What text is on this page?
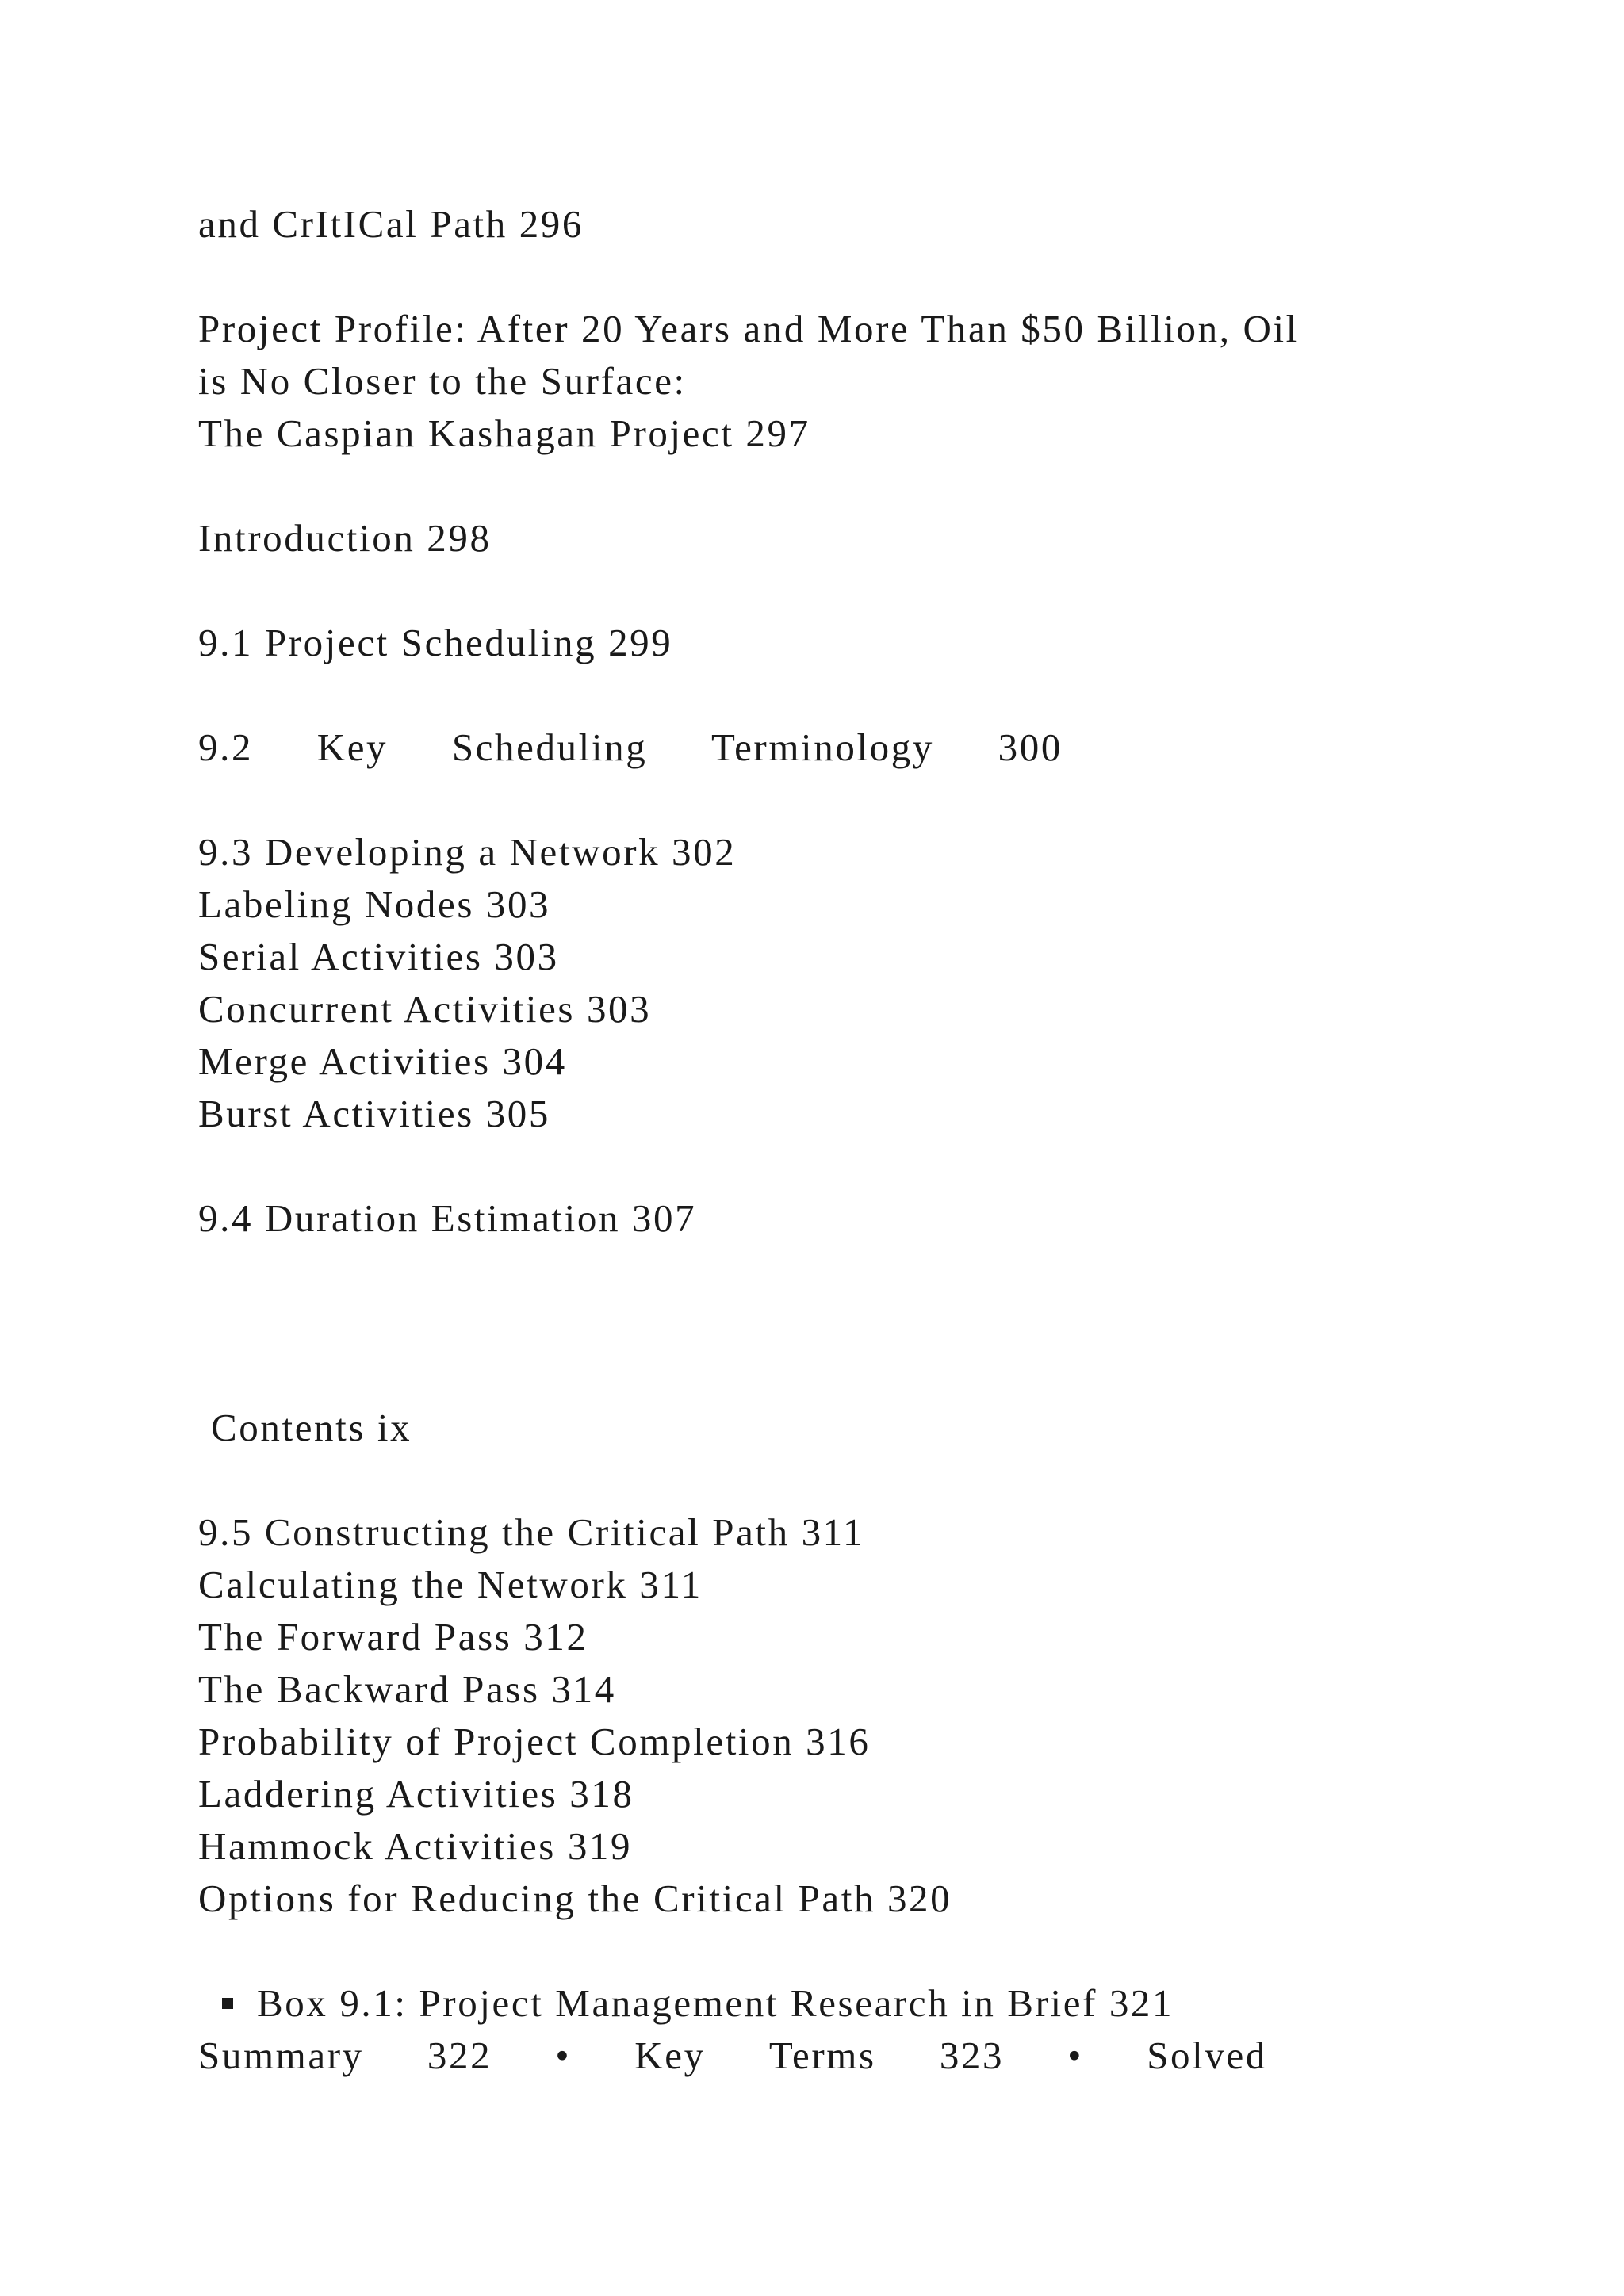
and CrItICal Path 296
Project Profile: After 20 Years and More Than $50 Billion, Oil
is No Closer to the Surface:
The Caspian Kashagan Project 297
Introduction 298
9.1 Project Scheduling 299
9.2 Key Scheduling Terminology 300
9.3 Developing a Network 302
Labeling Nodes 303
Serial Activities 303
Concurrent Activities 303
Merge Activities 304
Burst Activities 305
9.4 Duration Estimation 307
Contents ix
9.5 Constructing the Critical Path 311
Calculating the Network 311
The Forward Pass 312
The Backward Pass 314
Probability of Project Completion 316
Laddering Activities 318
Hammock Activities 319
Options for Reducing the Critical Path 320
Box 9.1: Project Management Research in Brief 321
Summary 322 • Key Terms 323 • Solved
